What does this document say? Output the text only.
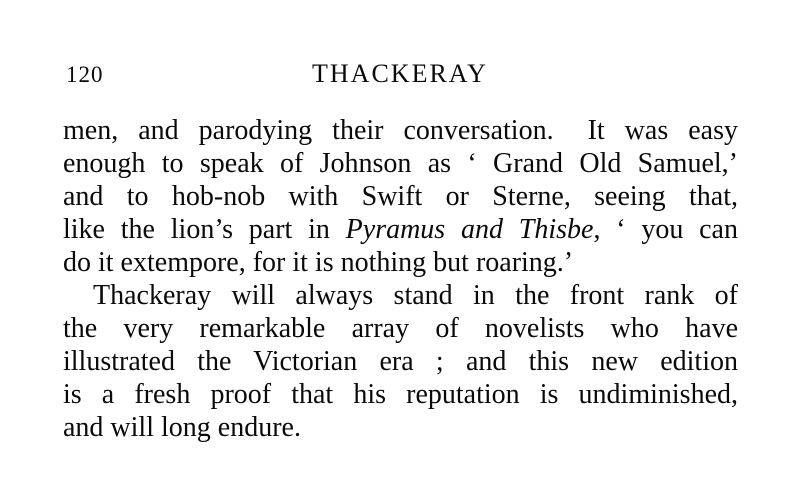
120	THACKERAY
men, and parodying their conversation.  It was easy
enough to speak of Johnson as ‘ Grand Old Samuel,’
and to hob-nob with Swift or Sterne, seeing that,
like the lion’s part in Pyramus and Thisbe, ‘ you can
do it extempore, for it is nothing but roaring.’
Thackeray will always stand in the front rank of
the very remarkable array of novelists who have
illustrated the Victorian era ; and this new edition
is a fresh proof that his reputation is undiminished,
and will long endure.
